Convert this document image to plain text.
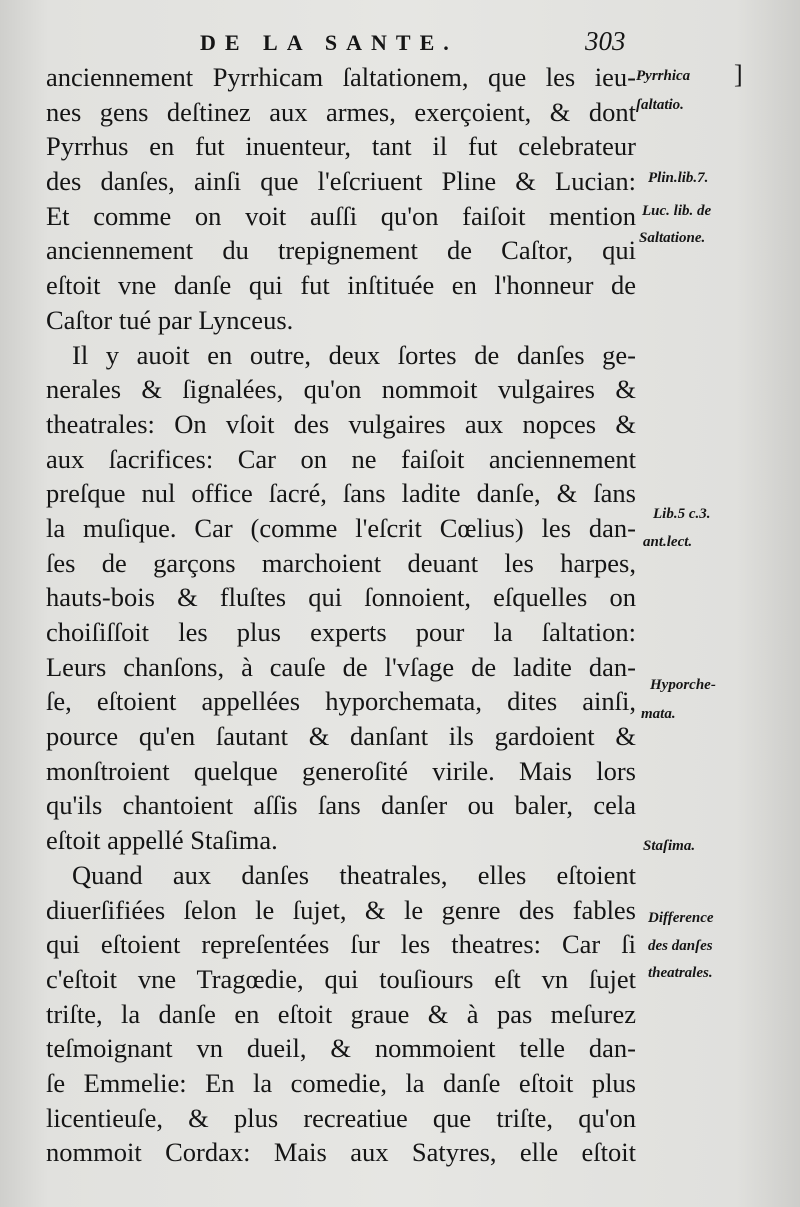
DE LA SANTE.	303
anciennement Pyrrhicam ſaltationem, que les ieu-
nes gens deſtinez aux armes, exerçoient, & dont
Pyrrhus en fut inuenteur, tant il fut celebrateur
des danſes, ainſi que l'eſcriuent Pline & Lucian:
Et comme on voit auſſi qu'on faiſoit mention
anciennement du trepignement de Caſtor, qui
eſtoit vne danſe qui fut inſtituée en l'honneur de
Caſtor tué par Lynceus.
Il y auoit en outre, deux ſortes de danſes ge-
nerales & ſignalées, qu'on nommoit vulgaires &
theatrales: On vſoit des vulgaires aux nopces &
aux ſacrifices: Car on ne faiſoit anciennement
preſque nul office ſacré, ſans ladite danſe, & ſans
la muſique. Car (comme l'eſcrit Cœlius) les dan-
ſes de garçons marchoient deuant les harpes,
hauts-bois & fluſtes qui ſonnoient, eſquelles on
choiſiſſoit les plus experts pour la ſaltation:
Leurs chanſons, à cauſe de l'vſage de ladite dan-
ſe, eſtoient appellées hyporchemata, dites ainſi,
pource qu'en ſautant & danſant ils gardoient &
monſtroient quelque generoſité virile. Mais lors
qu'ils chantoient aſſis ſans danſer ou baler, cela
eſtoit appellé Staſima.
Quand aux danſes theatrales, elles eſtoient
diuerſifiées ſelon le ſujet, & le genre des fables
qui eſtoient repreſentées ſur les theatres: Car ſi
c'eſtoit vne Tragœdie, qui touſiours eſt vn ſujet
triſte, la danſe en eſtoit graue & à pas meſurez
teſmoignant vn dueil, & nommoient telle dan-
ſe Emmelie: En la comedie, la danſe eſtoit plus
licentieuſe, & plus recreatiue que triſte, qu'on
nommoit Cordax: Mais aux Satyres, elle eſtoit
Pyrrhica
ſaltatio.
Plin.lib.7.
Luc. lib. de
Saltatione.
Lib.5 c.3.
ant.lect.
Hyporche-
mata.
Staſima.
Difference
des danſes
theatrales.
]
